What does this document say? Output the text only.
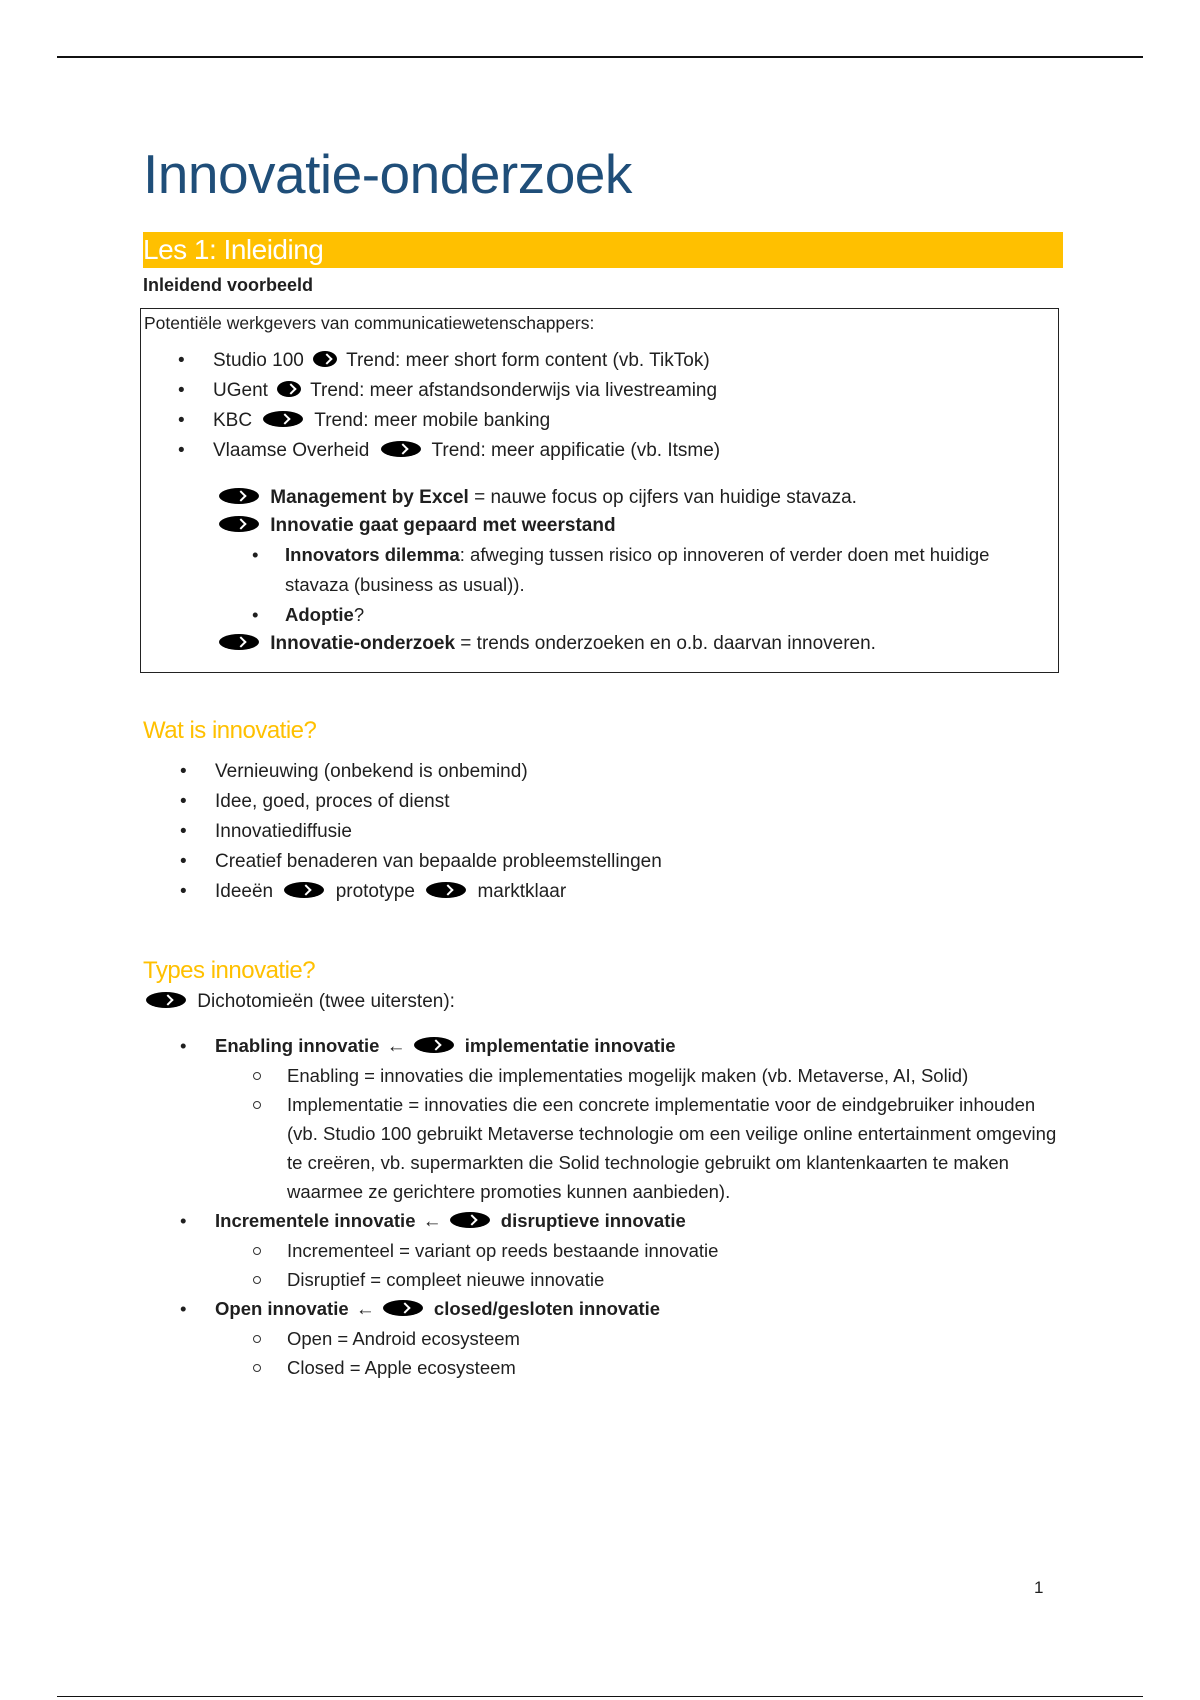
Innovatie-onderzoek
Les 1: Inleiding
Inleidend voorbeeld
Potentiële werkgevers van communicatiewetenschappers:
• Studio 100 Trend: meer short form content (vb. TikTok)
• UGent Trend: meer afstandsonderwijs via livestreaming
• KBC	Trend: meer mobile banking
• Vlaamse Overheid	Trend: meer appificatie (vb. Itsme)
Management by Excel = nauwe focus op cijfers van huidige stavaza.
Innovatie gaat gepaard met weerstand
• Innovators dilemma: afweging tussen risico op innoveren of verder doen met huidige stavaza (business as usual)).
• Adoptie?
Innovatie-onderzoek = trends onderzoeken en o.b. daarvan innoveren.
Wat is innovatie?
• Vernieuwing (onbekend is onbemind)
• Idee, goed, proces of dienst
• Innovatiediffusie
• Creatief benaderen van bepaalde probleemstellingen
• Ideeën	prototype	marktklaar
Types innovatie?
Dichotomieën (twee uitersten):
• Enabling innovatie ←	implementatie innovatie
Enabling = innovaties die implementaties mogelijk maken (vb. Metaverse, AI, Solid)
Implementatie = innovaties die een concrete implementatie voor de eindgebruiker inhouden (vb. Studio 100 gebruikt Metaverse technologie om een veilige online entertainment omgeving te creëren, vb. supermarkten die Solid technologie gebruikt om klantenkaarten te maken waarmee ze gerichtere promoties kunnen aanbieden).
• Incrementele innovatie ←	disruptieve innovatie
Incrementeel = variant op reeds bestaande innovatie
Disruptief = compleet nieuwe innovatie
• Open innovatie ←	closed/gesloten innovatie
Open = Android ecosysteem
Closed = Apple ecosysteem
1
